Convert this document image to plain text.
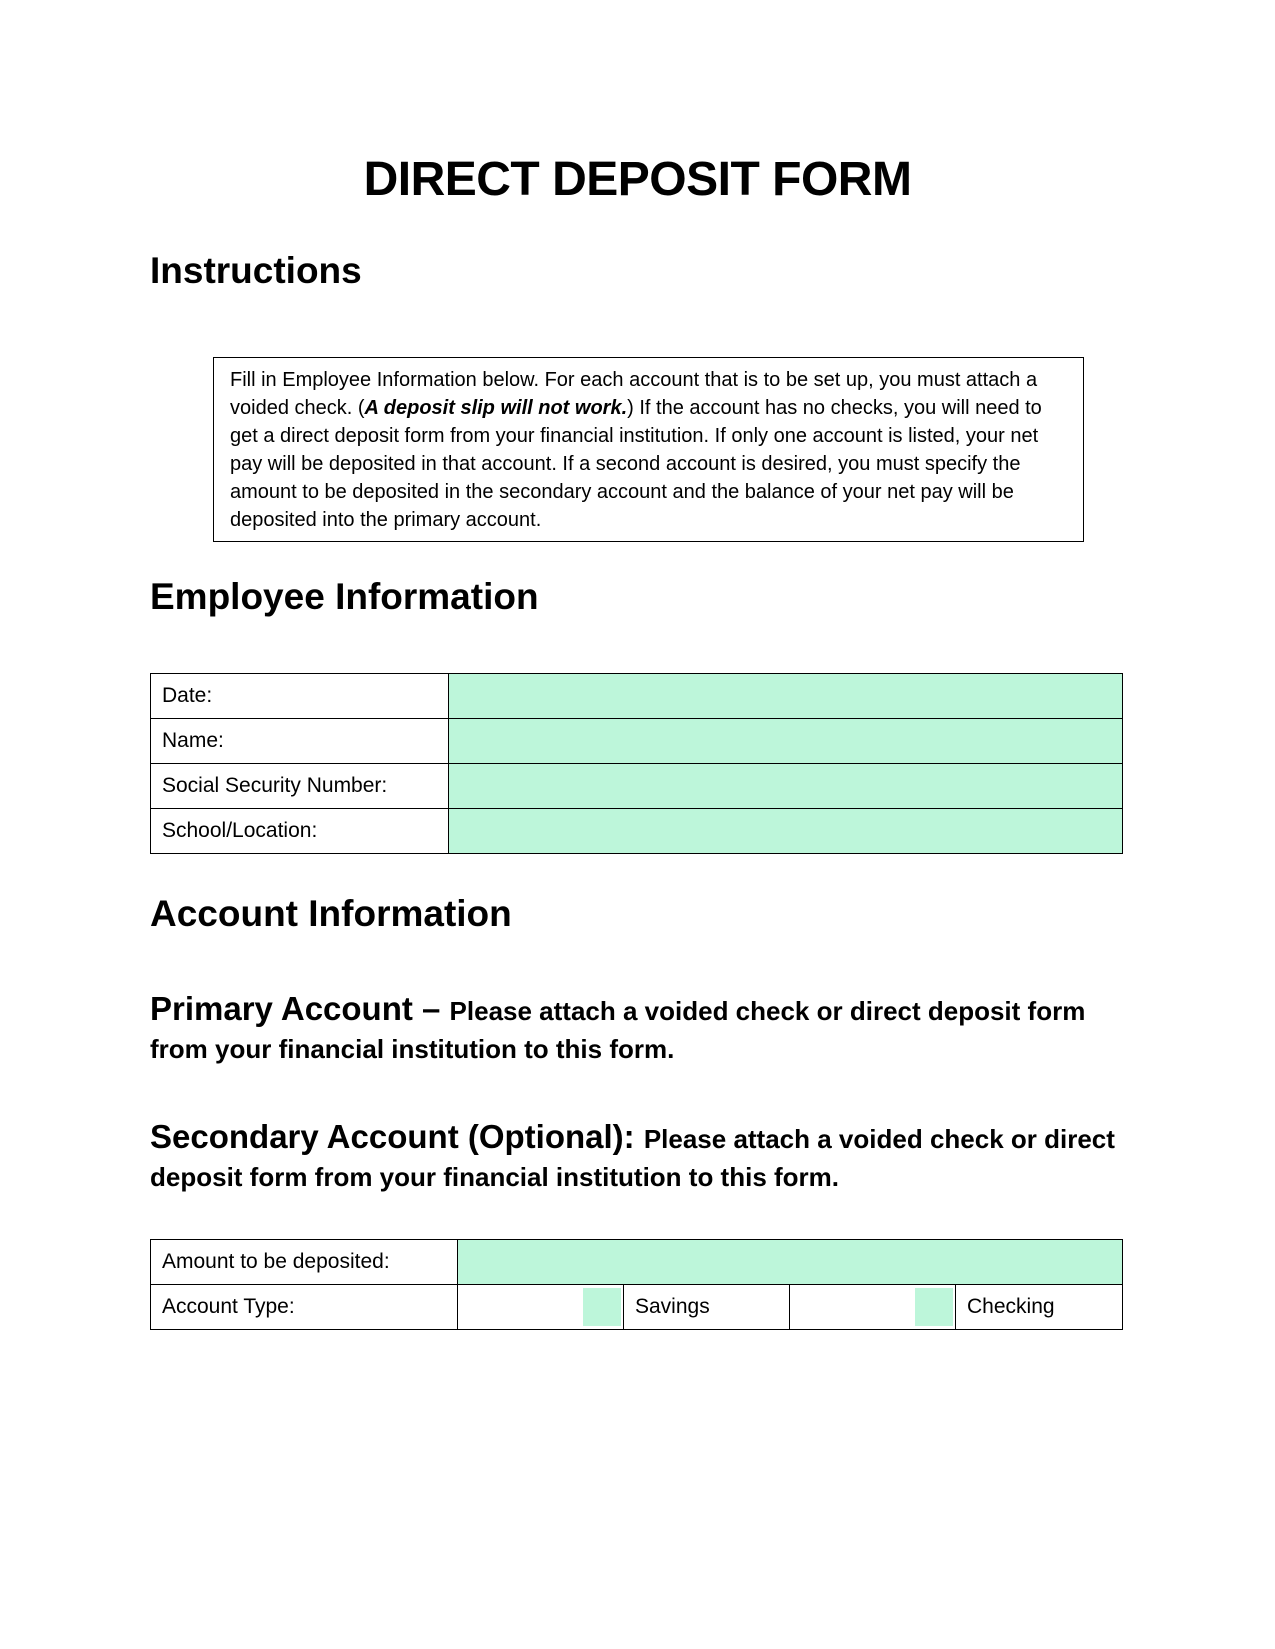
DIRECT DEPOSIT FORM
Instructions
Fill in Employee Information below. For each account that is to be set up, you must attach a voided check. (A deposit slip will not work.) If the account has no checks, you will need to get a direct deposit form from your financial institution. If only one account is listed, your net pay will be deposited in that account. If a second account is desired, you must specify the amount to be deposited in the secondary account and the balance of your net pay will be deposited into the primary account.
Employee Information
Date:	
Name:	
Social Security Number:	
School/Location:	
Account Information

Primary Account – Please attach a voided check or direct deposit form from your financial institution to this form.

Secondary Account (Optional): Please attach a voided check or direct deposit form from your financial institution to this form.

Amount to be deposited:				
Account Type:		Savings		Checking
